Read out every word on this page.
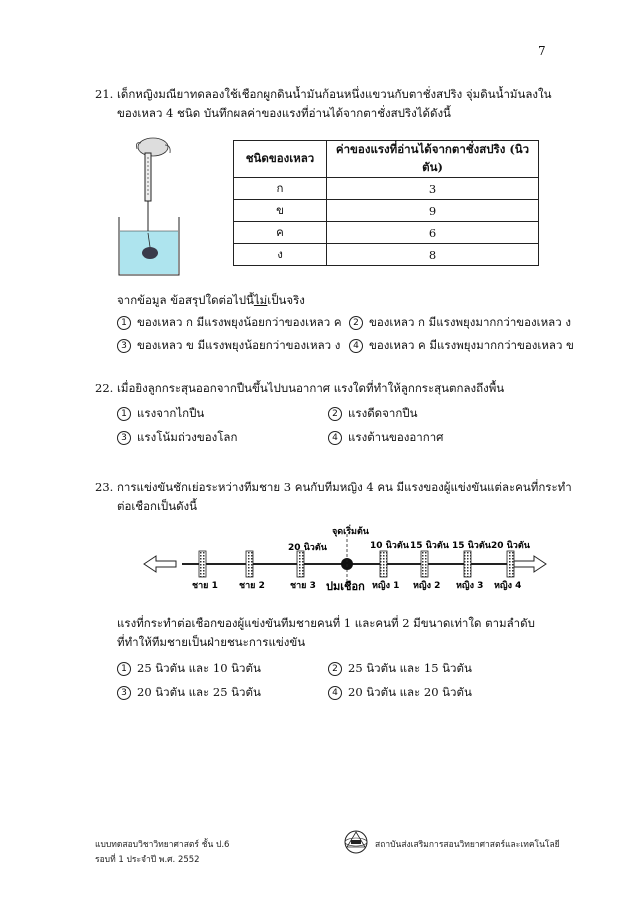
7
21. เด็กหญิงมณียาทดลองใช้เชือกผูกดินน้ำมันก้อนหนึ่งแขวนกับตาชั่งสปริง จุ่มดินน้ำมันลงใน
ของเหลว 4 ชนิด บันทึกผลค่าของแรงที่อ่านได้จากตาชั่งสปริงได้ดังนี้
ชนิดของเหลว	ค่าของแรงที่อ่านได้จากตาชั่งสปริง (นิวตัน)
ก	3
ข	9
ค	6
ง	8
จากข้อมูล ข้อสรุปใดต่อไปนี้ไม่เป็นจริง
1 ของเหลว ก มีแรงพยุงน้อยกว่าของเหลว ค	2 ของเหลว ก มีแรงพยุงมากกว่าของเหลว ง
3 ของเหลว ข มีแรงพยุงน้อยกว่าของเหลว ง	4 ของเหลว ค มีแรงพยุงมากกว่าของเหลว ข
22. เมื่อยิงลูกกระสุนออกจากปืนขึ้นไปบนอากาศ แรงใดที่ทำให้ลูกกระสุนตกลงถึงพื้น
1 แรงจากไกปืน	2 แรงดีดจากปืน
3 แรงโน้มถ่วงของโลก	4 แรงต้านของอากาศ
23. การแข่งขันชักเย่อระหว่างทีมชาย 3 คนกับทีมหญิง 4 คน มีแรงของผู้แข่งขันแต่ละคนที่กระทำ
ต่อเชือกเป็นดังนี้
จุดเริ่มต้น
20 นิวตัน	10 นิวตัน 15 นิวตัน 15 นิวตัน 20 นิวตัน
ชาย 1 ชาย 2	ชาย 3 ปมเชือก หญิง 1 หญิง 2 หญิง 3 หญิง 4
แรงที่กระทำต่อเชือกของผู้แข่งขันทีมชายคนที่ 1 และคนที่ 2 มีขนาดเท่าใด ตามลำดับ
ที่ทำให้ทีมชายเป็นฝ่ายชนะการแข่งขัน
1 25 นิวตัน และ 10 นิวตัน	2 25 นิวตัน และ 15 นิวตัน
3 20 นิวตัน และ 25 นิวตัน	4 20 นิวตัน และ 20 นิวตัน
แบบทดสอบวิชาวิทยาศาสตร์ ชั้น ป.6
รอบที่ 1 ประจำปี พ.ศ. 2552
สถาบันส่งเสริมการสอนวิทยาศาสตร์และเทคโนโลยี
